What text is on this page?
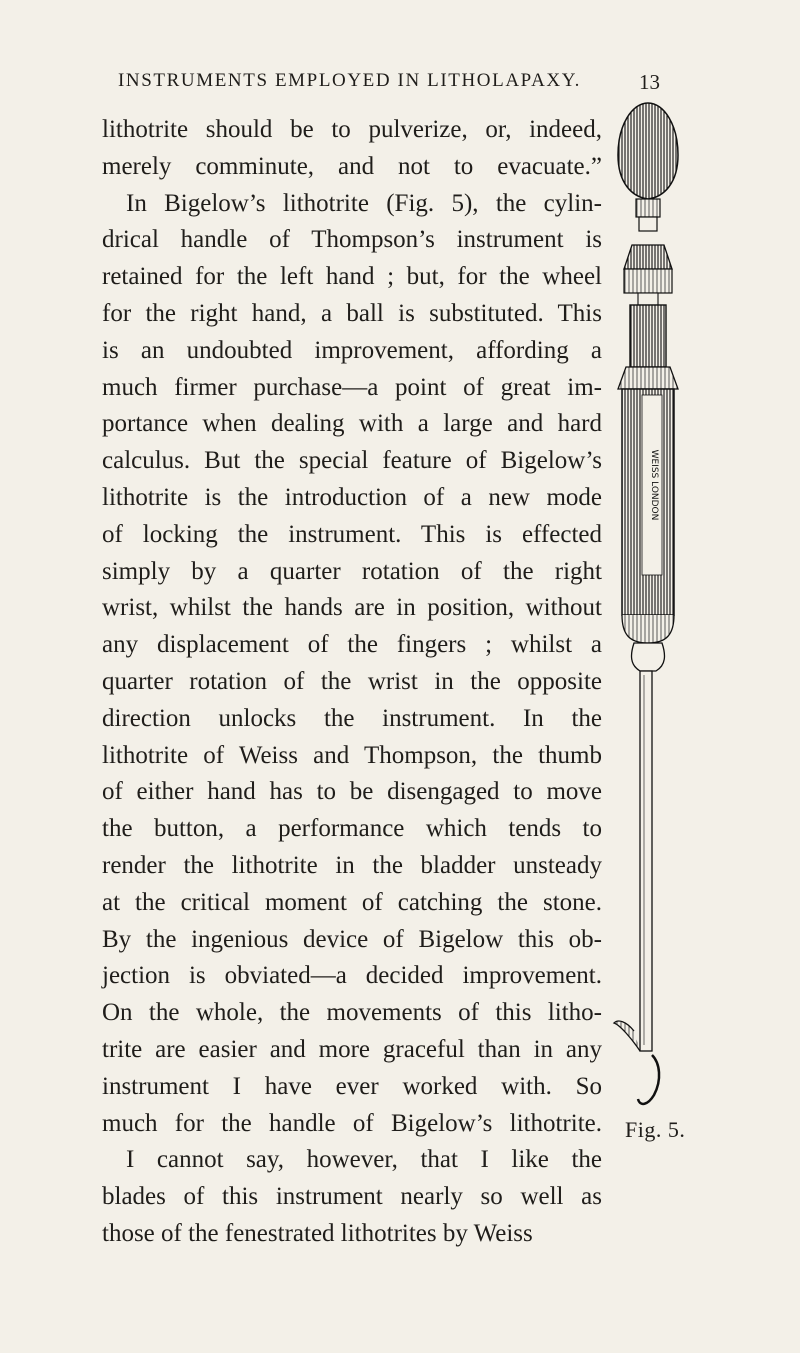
INSTRUMENTS EMPLOYED IN LITHOLAPAXY.	13
lithotrite should be to pulverize, or, indeed,
merely comminute, and not to evacuate.”
In Bigelow’s lithotrite (Fig. 5), the cylin-
drical handle of Thompson’s instrument is
retained for the left hand ; but, for the wheel
for the right hand, a ball is substituted. This
is an undoubted improvement, affording a
much firmer purchase—a point of great im-
portance when dealing with a large and hard
calculus. But the special feature of Bigelow’s
lithotrite is the introduction of a new mode
of locking the instrument. This is effected
simply by a quarter rotation of the right
wrist, whilst the hands are in position, without
any displacement of the fingers ; whilst a
quarter rotation of the wrist in the opposite
direction unlocks the instrument. In the
lithotrite of Weiss and Thompson, the thumb
of either hand has to be disengaged to move
the button, a performance which tends to
render the lithotrite in the bladder unsteady
at the critical moment of catching the stone.
By the ingenious device of Bigelow this ob-
jection is obviated—a decided improvement.
On the whole, the movements of this litho-
trite are easier and more graceful than in any
instrument I have ever worked with. So
much for the handle of Bigelow’s lithotrite.
I cannot say, however, that I like the
blades of this instrument nearly so well as
those of the fenestrated lithotrites by Weiss
WEISS LONDON
Fig. 5.
